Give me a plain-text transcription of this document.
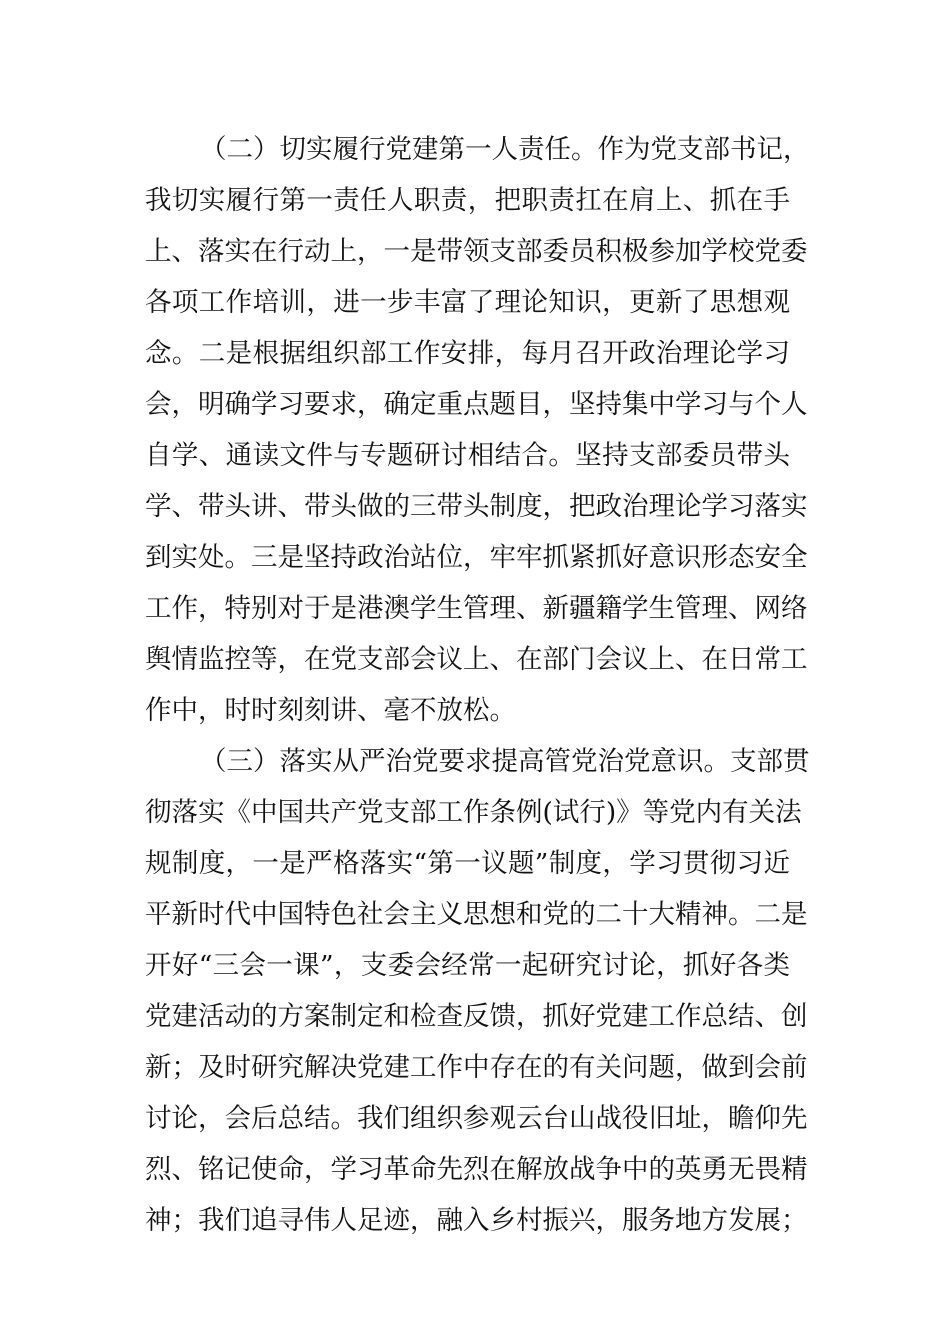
（二）切实履行党建第一人责任。作为党支部书记，

我切实履行第一责任人职责，把职责扛在肩上、抓在手

上、落实在行动上，一是带领支部委员积极参加学校党委

各项工作培训，进一步丰富了理论知识，更新了思想观

念。二是根据组织部工作安排，每月召开政治理论学习

会，明确学习要求，确定重点题目，坚持集中学习与个人

自学、通读文件与专题研讨相结合。坚持支部委员带头

学、带头讲、带头做的三带头制度，把政治理论学习落实

到实处。三是坚持政治站位，牢牢抓紧抓好意识形态安全

工作，特别对于是港澳学生管理、新疆籍学生管理、网络

舆情监控等，在党支部会议上、在部门会议上、在日常工

作中，时时刻刻讲、毫不放松。

（三）落实从严治党要求提高管党治党意识。支部贯

彻落实《中国共产党支部工作条例(试行)》等党内有关法

规制度，一是严格落实“第一议题”制度，学习贯彻习近

平新时代中国特色社会主义思想和党的二十大精神。二是

开好“三会一课”，支委会经常一起研究讨论，抓好各类

党建活动的方案制定和检查反馈，抓好党建工作总结、创

新；及时研究解决党建工作中存在的有关问题，做到会前

讨论，会后总结。我们组织参观云台山战役旧址，瞻仰先

烈、铭记使命，学习革命先烈在解放战争中的英勇无畏精

神；我们追寻伟人足迹，融入乡村振兴，服务地方发展；
